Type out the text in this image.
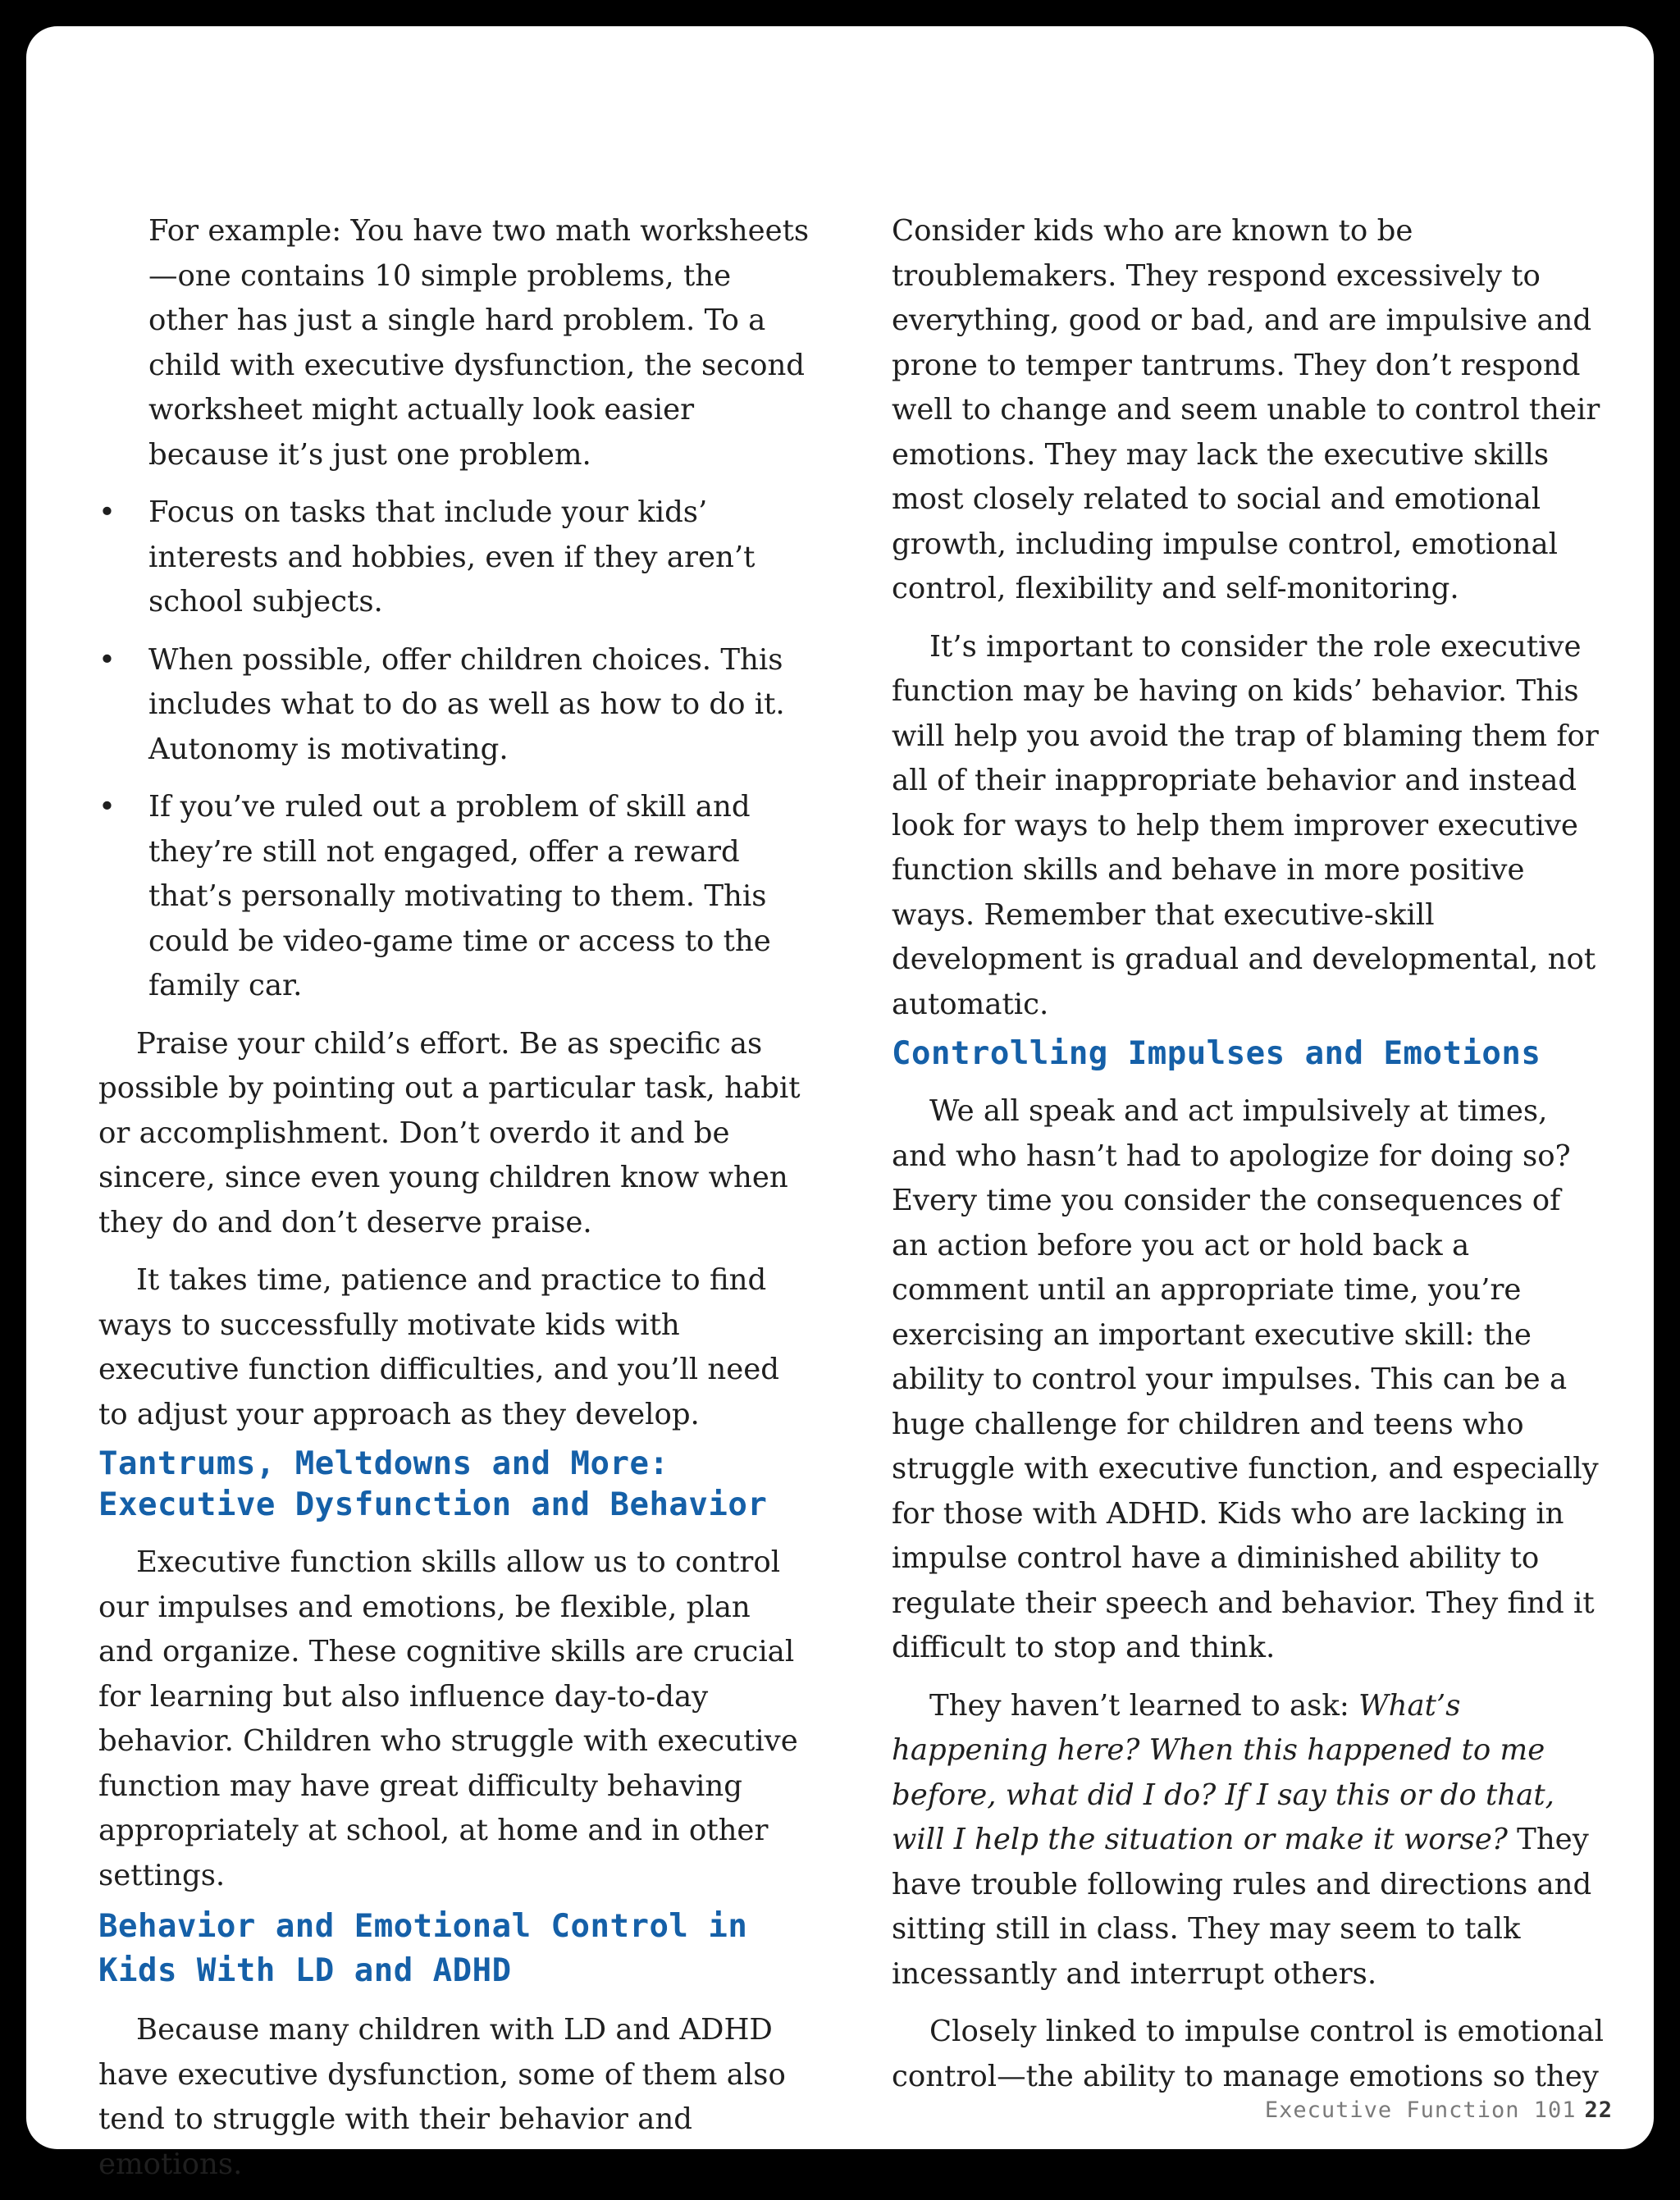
For example: You have two math worksheets—one contains 10 simple problems, the other has just a single hard problem. To a child with executive dysfunction, the second worksheet might actually look easier because it’s just one problem.

• Focus on tasks that include your kids’ interests and hobbies, even if they aren’t school subjects.
• When possible, offer children choices. This includes what to do as well as how to do it. Autonomy is motivating.
• If you’ve ruled out a problem of skill and they’re still not engaged, offer a reward that’s personally motivating to them. This could be video-game time or access to the family car.

Praise your child’s effort. Be as specific as possible by pointing out a particular task, habit or accomplishment. Don’t overdo it and be sincere, since even young children know when they do and don’t deserve praise.

It takes time, patience and practice to find ways to successfully motivate kids with executive function difficulties, and you’ll need to adjust your approach as they develop.

Tantrums, Meltdowns and More:
Executive Dysfunction and Behavior

Executive function skills allow us to control our impulses and emotions, be flexible, plan and organize. These cognitive skills are crucial for learning but also influence day-to-day behavior. Children who struggle with executive function may have great difficulty behaving appropriately at school, at home and in other settings.

Behavior and Emotional Control in
Kids With LD and ADHD

Because many children with LD and ADHD have executive dysfunction, some of them also tend to struggle with their behavior and emotions.

Consider kids who are known to be troublemakers. They respond excessively to everything, good or bad, and are impulsive and prone to temper tantrums. They don’t respond well to change and seem unable to control their emotions. They may lack the executive skills most closely related to social and emotional growth, including impulse control, emotional control, flexibility and self-monitoring.

It’s important to consider the role executive function may be having on kids’ behavior. This will help you avoid the trap of blaming them for all of their inappropriate behavior and instead look for ways to help them improver executive function skills and behave in more positive ways. Remember that executive-skill development is gradual and developmental, not automatic.

Controlling Impulses and Emotions

We all speak and act impulsively at times, and who hasn’t had to apologize for doing so? Every time you consider the consequences of an action before you act or hold back a comment until an appropriate time, you’re exercising an important executive skill: the ability to control your impulses. This can be a huge challenge for children and teens who struggle with executive function, and especially for those with ADHD. Kids who are lacking in impulse control have a diminished ability to regulate their speech and behavior. They find it difficult to stop and think.

They haven’t learned to ask: What’s happening here? When this happened to me before, what did I do? If I say this or do that, will I help the situation or make it worse? They have trouble following rules and directions and sitting still in class. They may seem to talk incessantly and interrupt others.

Closely linked to impulse control is emotional control—the ability to manage emotions so they

Executive Function 101 22
